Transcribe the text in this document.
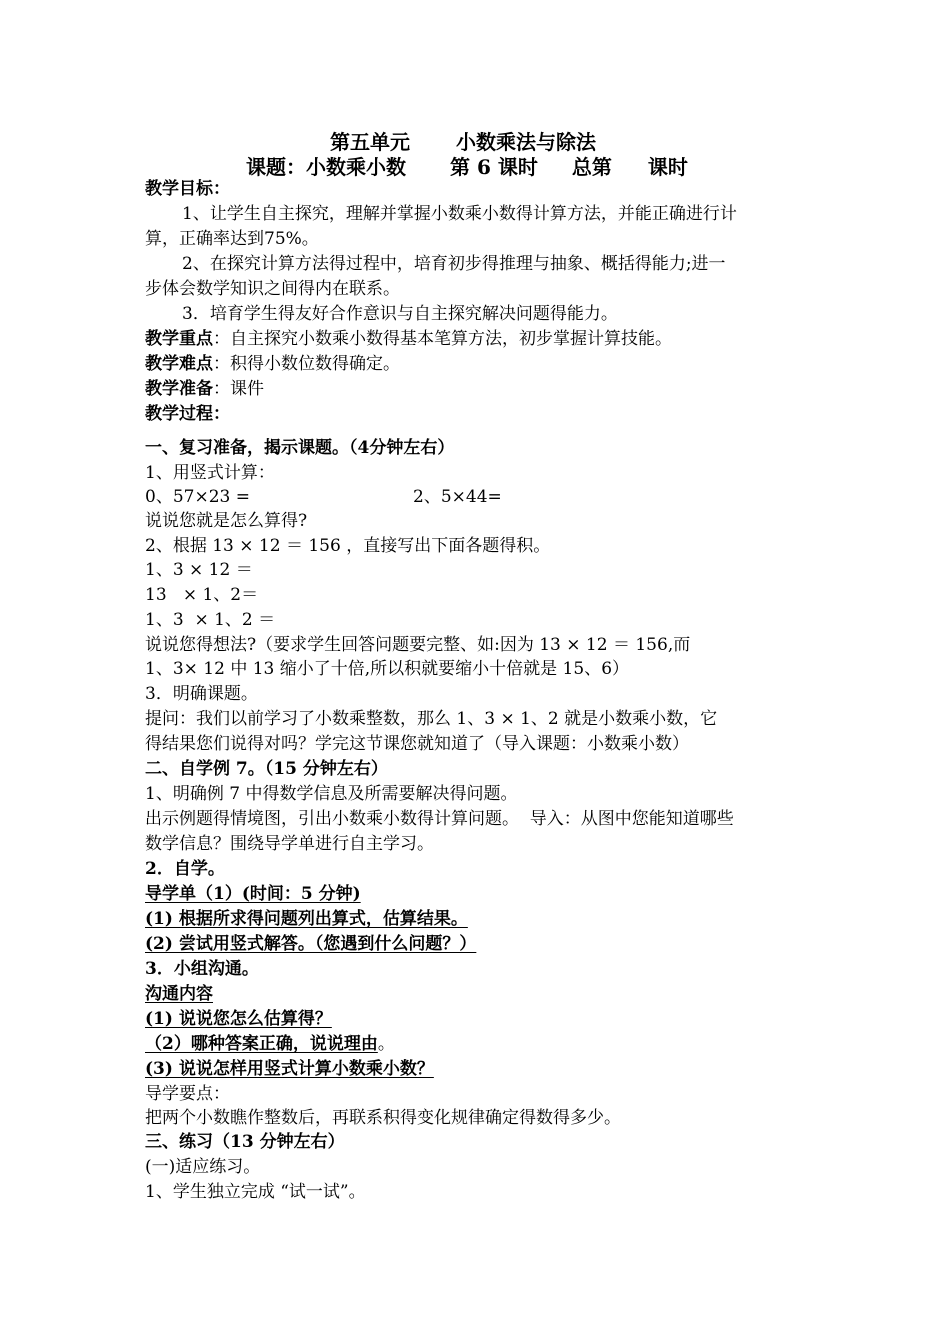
第五单元 小数乘法与除法
课题：小数乘小数 第 6 课时 总第 课时
教学目标：
1、让学生自主探究，理解并掌握小数乘小数得计算方法，并能正确进行计
算，正确率达到75%。
2、在探究计算方法得过程中，培育初步得推理与抽象、概括得能力;进一
步体会数学知识之间得内在联系。
3．培育学生得友好合作意识与自主探究解决问题得能力。
教学重点：自主探究小数乘小数得基本笔算方法，初步掌握计算技能。
教学难点：积得小数位数得确定。
教学准备：课件
教学过程：
一、复习准备，揭示课题。（4分钟左右）
1、用竖式计算：
0、57×23 =	2、5×44=
说说您就是怎么算得?
2、根据 13 × 12 ＝ 156 ，直接写出下面各题得积。
1、3 × 12 ＝
13   × 1、2＝
1、3  × 1、2 ＝
说说您得想法?（要求学生回答问题要完整、如:因为 13 × 12 ＝ 156,而
1、3× 12 中 13 缩小了十倍,所以积就要缩小十倍就是 15、6）
3．明确课题。
提问：我们以前学习了小数乘整数，那么 1、3 × 1、2 就是小数乘小数，它
得结果您们说得对吗？学完这节课您就知道了（导入课题：小数乘小数）
二、自学例 7。（15 分钟左右）
1、明确例 7 中得数学信息及所需要解决得问题。
出示例题得情境图，引出小数乘小数得计算问题。  导入：从图中您能知道哪些
数学信息？围绕导学单进行自主学习。
2．自学。
导学单（1）(时间：5 分钟)
(1) 根据所求得问题列出算式，估算结果。
(2) 尝试用竖式解答。（您遇到什么问题？）
3．小组沟通。
沟通内容
(1) 说说您怎么估算得？
（2）哪种答案正确，说说理由。
(3) 说说怎样用竖式计算小数乘小数？
导学要点：
把两个小数瞧作整数后，再联系积得变化规律确定得数得多少。
三、练习（13 分钟左右）
(一)适应练习。
1、学生独立完成 “试一试”。
